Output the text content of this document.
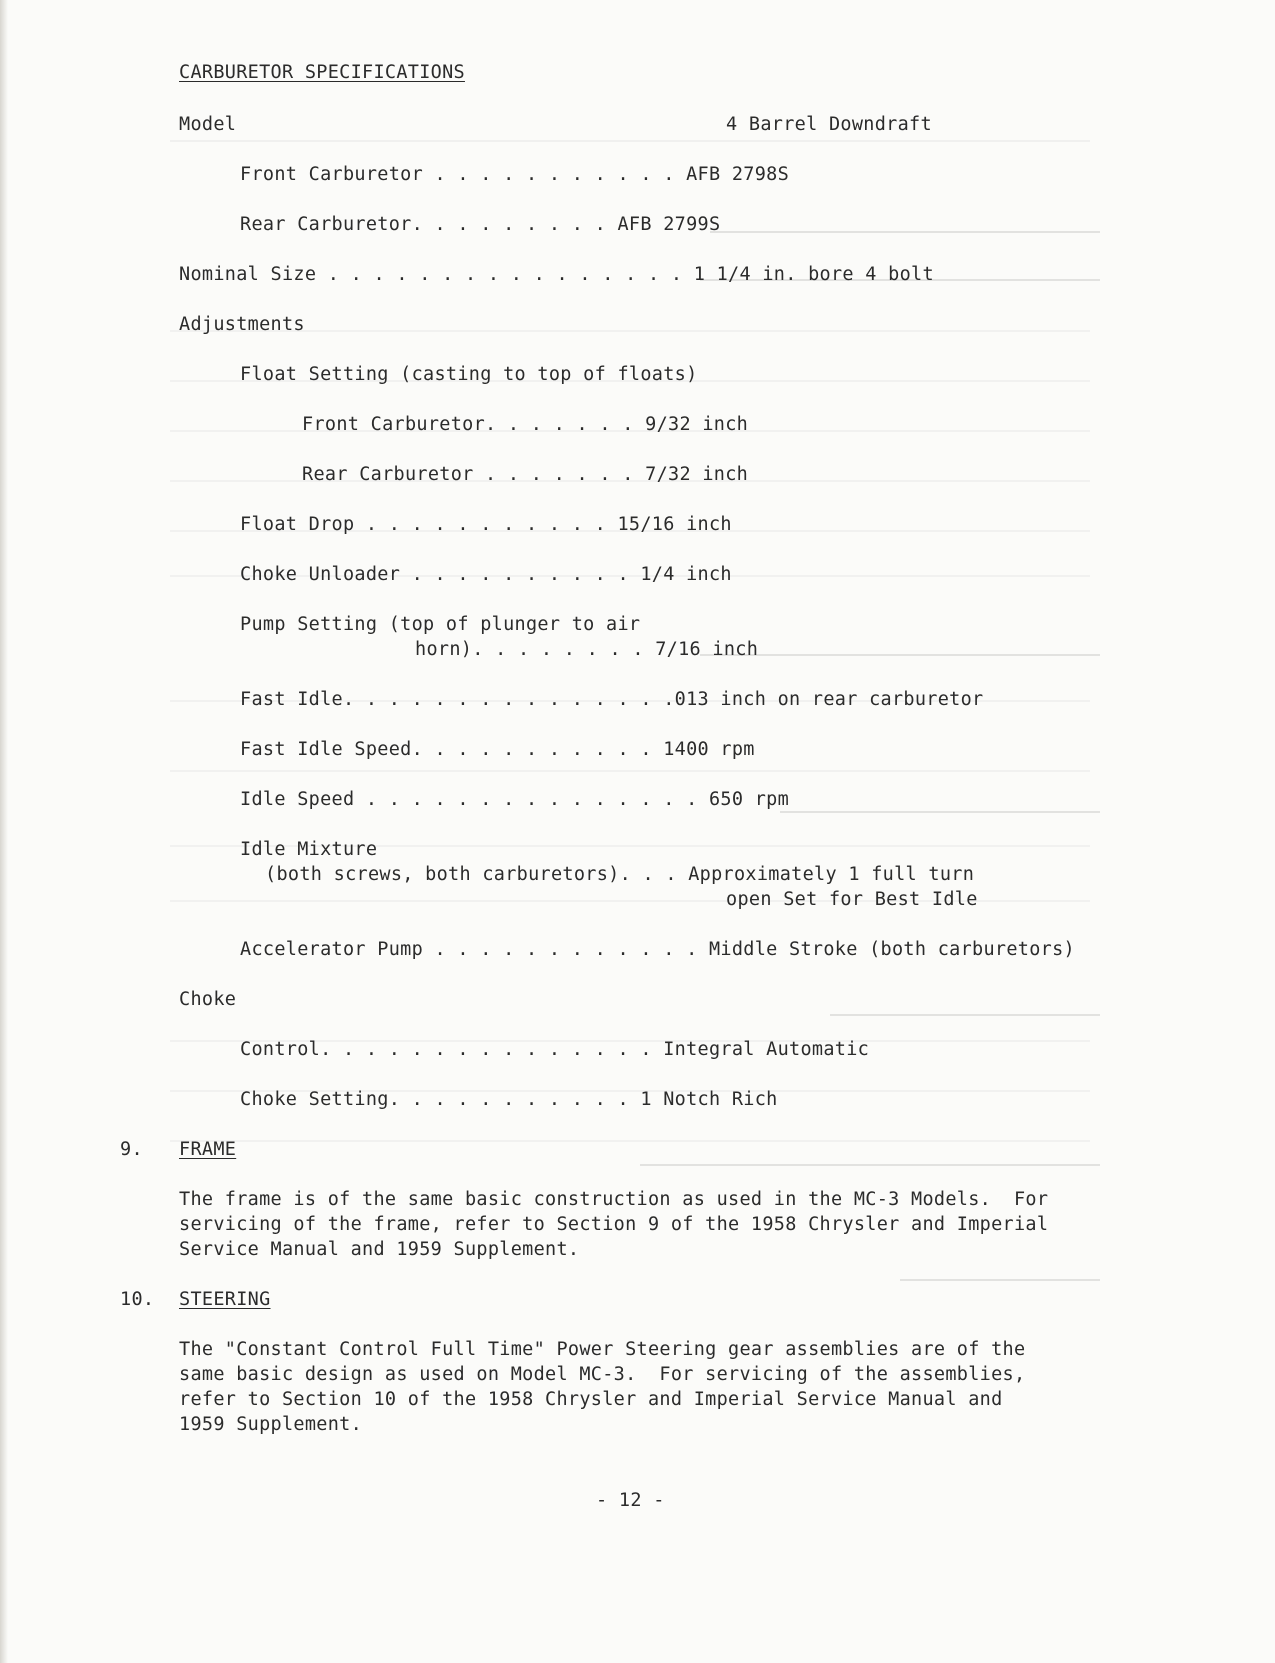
CARBURETOR SPECIFICATIONS
Model	4 Barrel Downdraft
Front Carburetor . . . . . . . . . . . AFB 2798S
Rear Carburetor. . . . . . . . . AFB 2799S
Nominal Size . . . . . . . . . . . . . . . . 1 1/4 in. bore 4 bolt
Adjustments
Float Setting (casting to top of floats)
Front Carburetor. . . . . . . 9/32 inch
Rear Carburetor . . . . . . . 7/32 inch
Float Drop . . . . . . . . . . . 15/16 inch
Choke Unloader . . . . . . . . . . 1/4 inch
Pump Setting (top of plunger to air
horn). . . . . . . . 7/16 inch
Fast Idle. . . . . . . . . . . . . . .013 inch on rear carburetor
Fast Idle Speed. . . . . . . . . . . 1400 rpm
Idle Speed . . . . . . . . . . . . . . . 650 rpm
Idle Mixture
(both screws, both carburetors). . . Approximately 1 full turn
open Set for Best Idle
Accelerator Pump . . . . . . . . . . . . Middle Stroke (both carburetors)
Choke
Control. . . . . . . . . . . . . . . Integral Automatic
Choke Setting. . . . . . . . . . . 1 Notch Rich
9. FRAME
The frame is of the same basic construction as used in the MC-3 Models.  For
servicing of the frame, refer to Section 9 of the 1958 Chrysler and Imperial
Service Manual and 1959 Supplement.
10. STEERING
The "Constant Control Full Time" Power Steering gear assemblies are of the
same basic design as used on Model MC-3.  For servicing of the assemblies,
refer to Section 10 of the 1958 Chrysler and Imperial Service Manual and
1959 Supplement.
- 12 -
